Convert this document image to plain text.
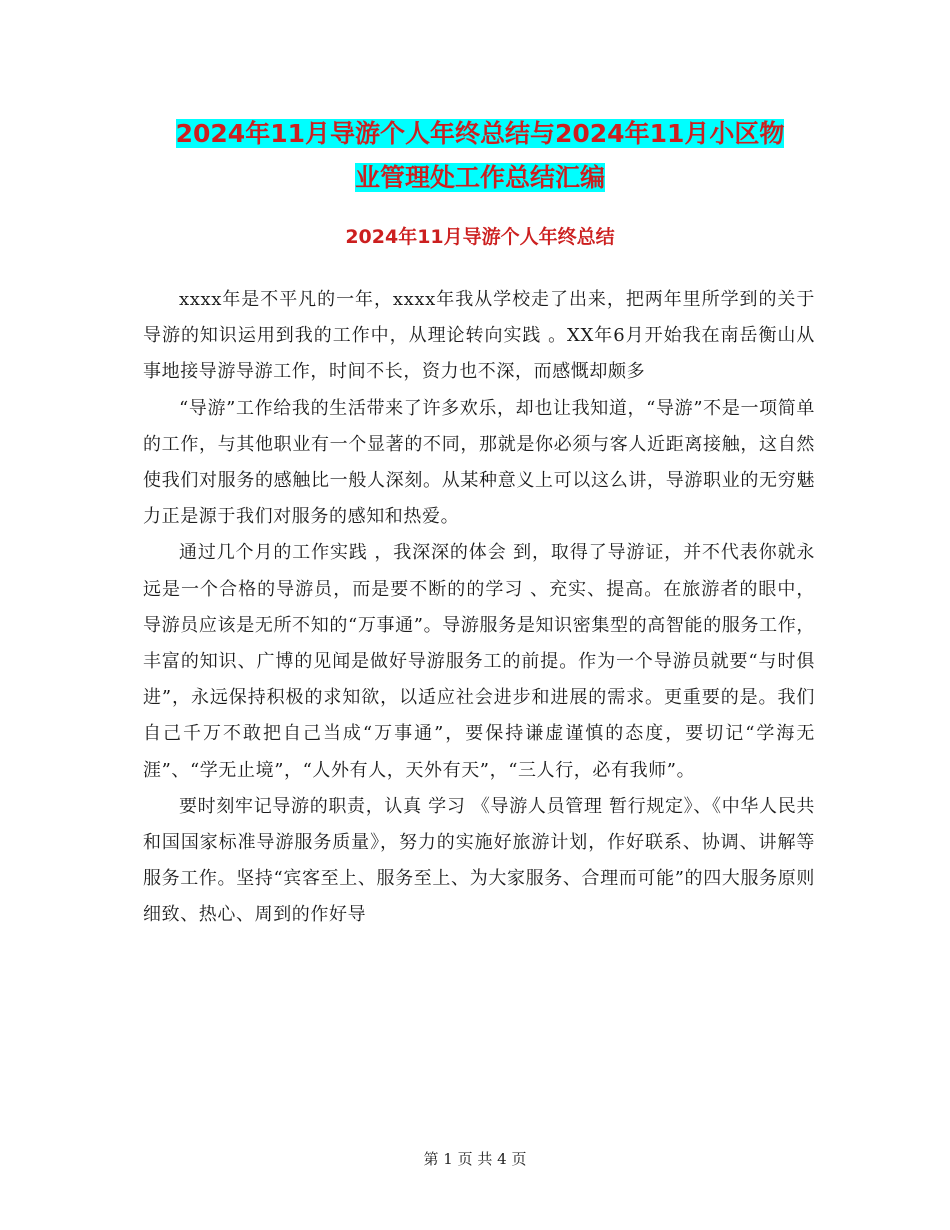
2024年11月导游个人年终总结与2024年11月小区物
业管理处工作总结汇编
2024年11月导游个人年终总结

xxxx年是不平凡的一年，xxxx年我从学校走了出来，把两年里所学到的关于导游的知识运用到我的工作中，从理论转向实践 。XX年6月开始我在南岳衡山从事地接导游导游工作，时间不长，资力也不深，而感慨却颇多

“导游”工作给我的生活带来了许多欢乐，却也让我知道，“导游”不是一项简单的工作，与其他职业有一个显著的不同，那就是你必须与客人近距离接触，这自然使我们对服务的感触比一般人深刻。从某种意义上可以这么讲，导游职业的无穷魅力正是源于我们对服务的感知和热爱。

通过几个月的工作实践 ，我深深的体会 到，取得了导游证，并不代表你就永远是一个合格的导游员，而是要不断的的学习 、充实、提高。在旅游者的眼中，导游员应该是无所不知的“万事通”。导游服务是知识密集型的高智能的服务工作，丰富的知识、广博的见闻是做好导游服务工的前提。作为一个导游员就要“与时俱进”，永远保持积极的求知欲，以适应社会进步和进展的需求。更重要的是。我们自己千万不敢把自己当成“万事通”，要保持谦虚谨慎的态度，要切记“学海无涯”、“学无止境”，“人外有人，天外有天”，“三人行，必有我师”。

要时刻牢记导游的职责，认真 学习 《导游人员管理 暂行规定》、《中华人民共和国国家标准导游服务质量》，努力的实施好旅游计划，作好联系、协调、讲解等服务工作。坚持“宾客至上、服务至上、为大家服务、合理而可能”的四大服务原则细致、热心、周到的作好导

第 1 页 共 4 页
